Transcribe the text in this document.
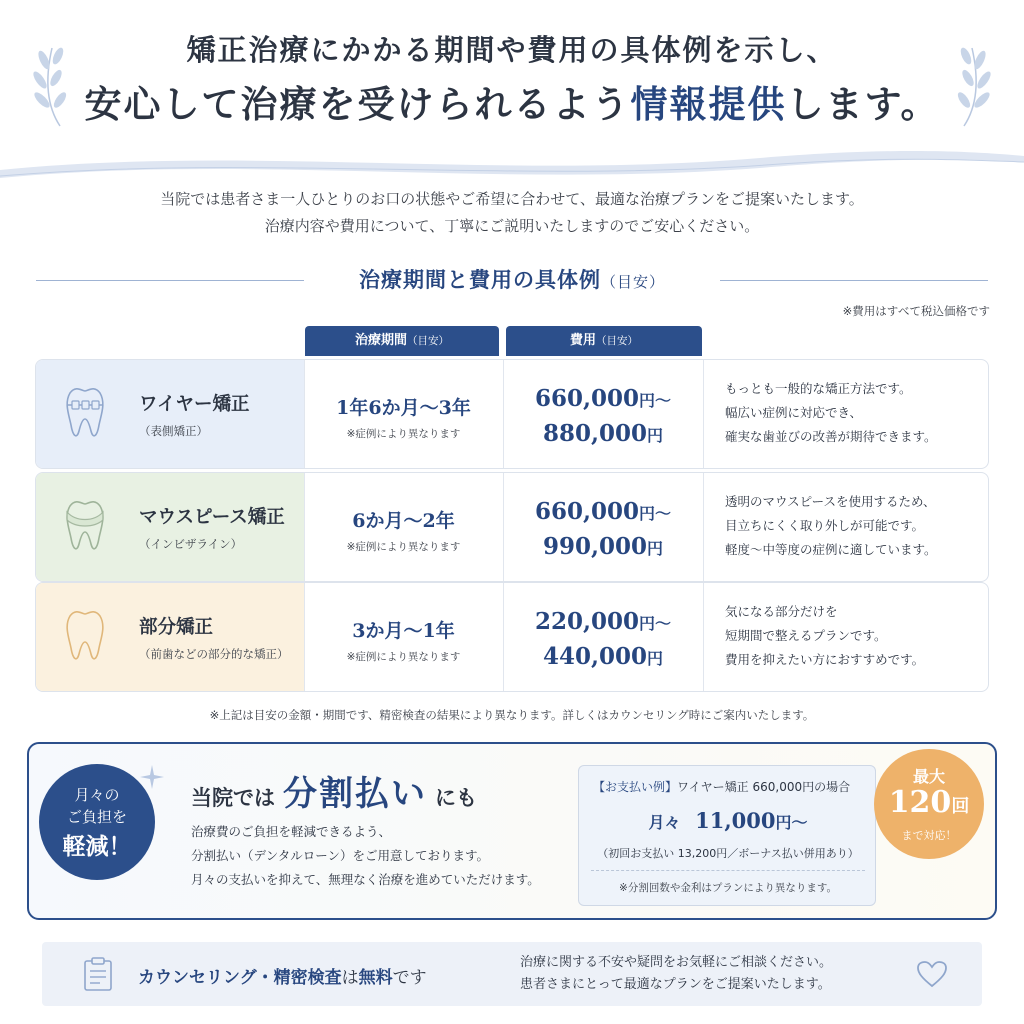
矯正治療にかかる期間や費用の具体例を示し、
安心して治療を受けられるよう情報提供します。
当院では患者さま一人ひとりのお口の状態やご希望に合わせて、最適な治療プランをご提案いたします。
治療内容や費用について、丁寧にご説明いたしますのでご安心ください。
治療期間と費用の具体例（目安）
※費用はすべて税込価格です
治療期間（目安）	費用（目安）
ワイヤー矯正
（表側矯正）
1年6か月〜3年
※症例により異なります
660,000円〜
880,000円
もっとも一般的な矯正方法です。
幅広い症例に対応でき、
確実な歯並びの改善が期待できます。
マウスピース矯正
（インビザライン）
6か月〜2年
※症例により異なります
660,000円〜
990,000円
透明のマウスピースを使用するため、
目立ちにくく取り外しが可能です。
軽度〜中等度の症例に適しています。
部分矯正
（前歯などの部分的な矯正）
3か月〜1年
※症例により異なります
220,000円〜
440,000円
気になる部分だけを
短期間で整えるプランです。
費用を抑えたい方におすすめです。
※上記は目安の金額・期間です、精密検査の結果により異なります。詳しくはカウンセリング時にご案内いたします。
月々の
ご負担を
軽減！
当院では 分割払い にも
治療費のご負担を軽減できるよう、
分割払い（デンタルローン）をご用意しております。
月々の支払いを抑えて、無理なく治療を進めていただけます。
【お支払い例】ワイヤー矯正 660,000円の場合
月々 11,000円〜
（初回お支払い 13,200円／ボーナス払い併用あり）
※分割回数や金利はプランにより異なります。
最大
120回
まで対応！
カウンセリング・精密検査は無料です
治療に関する不安や疑問をお気軽にご相談ください。
患者さまにとって最適なプランをご提案いたします。
